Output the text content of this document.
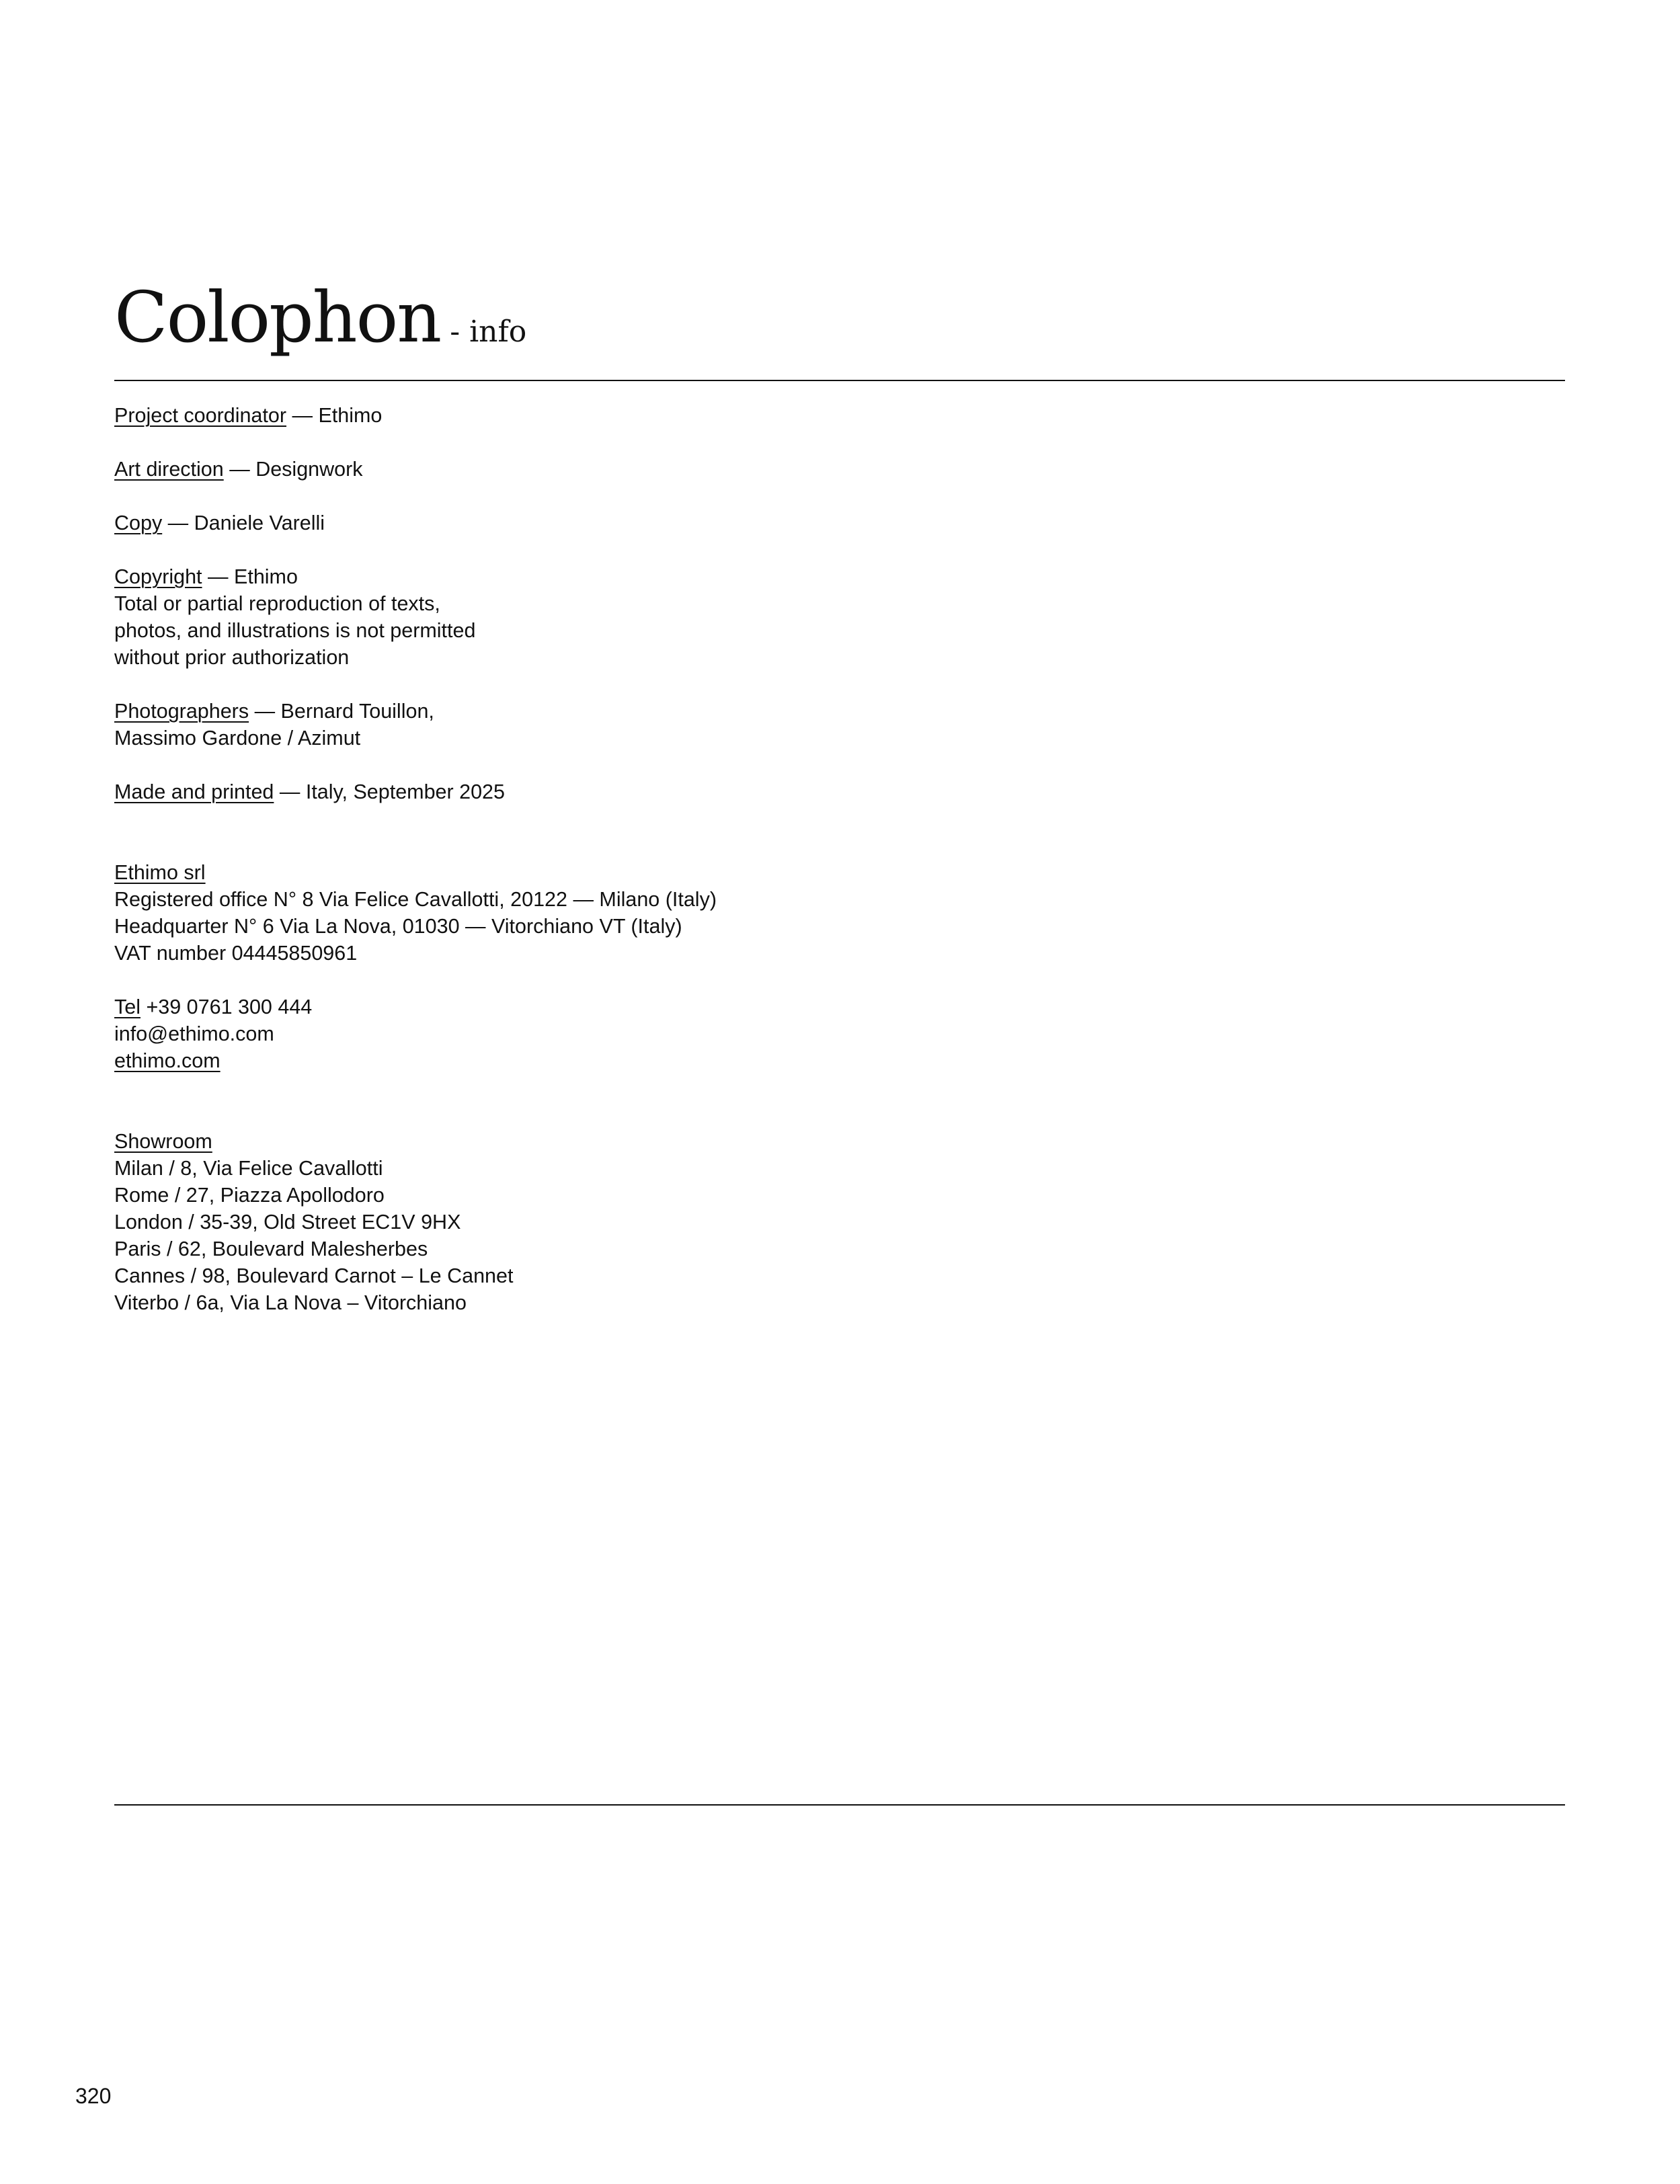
Colophon - info

Project coordinator — Ethimo

Art direction — Designwork

Copy — Daniele Varelli

Copyright — Ethimo
Total or partial reproduction of texts,
photos, and illustrations is not permitted
without prior authorization

Photographers — Bernard Touillon,
Massimo Gardone / Azimut

Made and printed — Italy, September 2025

Ethimo srl
Registered office N° 8 Via Felice Cavallotti, 20122 — Milano (Italy)
Headquarter N° 6 Via La Nova, 01030 — Vitorchiano VT (Italy)
VAT number 04445850961

Tel +39 0761 300 444
info@ethimo.com
ethimo.com

Showroom
Milan / 8, Via Felice Cavallotti
Rome / 27, Piazza Apollodoro
London / 35-39, Old Street EC1V 9HX
Paris / 62, Boulevard Malesherbes
Cannes / 98, Boulevard Carnot – Le Cannet
Viterbo / 6a, Via La Nova – Vitorchiano

320
